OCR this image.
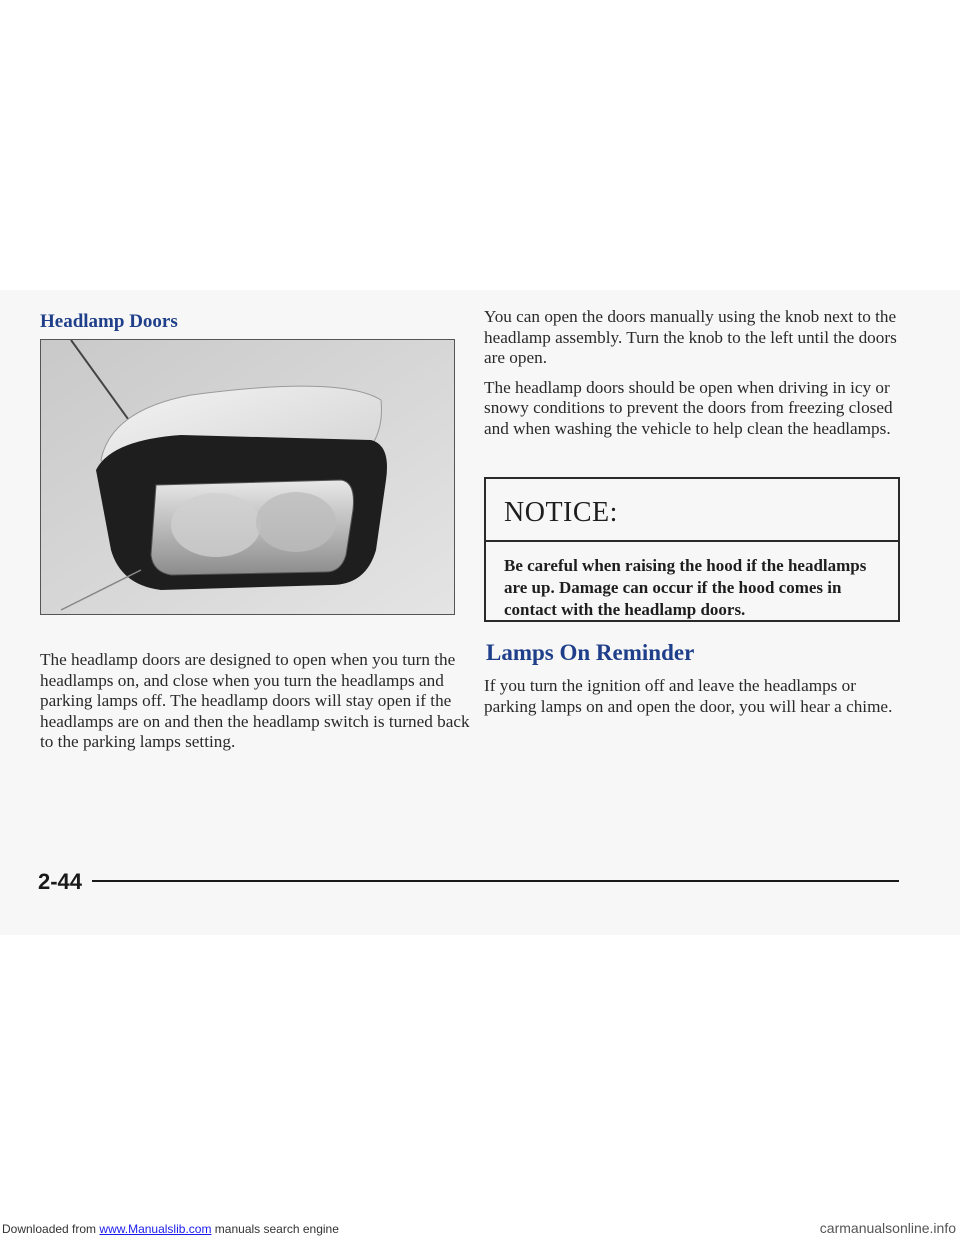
Headlamp Doors

The headlamp doors are designed to open when you turn the headlamps on, and close when you turn the headlamps and parking lamps off. The headlamp doors will stay open if the headlamps are on and then the headlamp switch is turned back to the parking lamps setting.

You can open the doors manually using the knob next to the headlamp assembly. Turn the knob to the left until the doors are open.

The headlamp doors should be open when driving in icy or snowy conditions to prevent the doors from freezing closed and when washing the vehicle to help clean the headlamps.

NOTICE:

Be careful when raising the hood if the headlamps are up. Damage can occur if the hood comes in contact with the headlamp doors.

Lamps On Reminder

If you turn the ignition off and leave the headlamps or parking lamps on and open the door, you will hear a chime.

2-44
Downloaded from www.Manualslib.com manuals search engine	carmanualsonline.info
